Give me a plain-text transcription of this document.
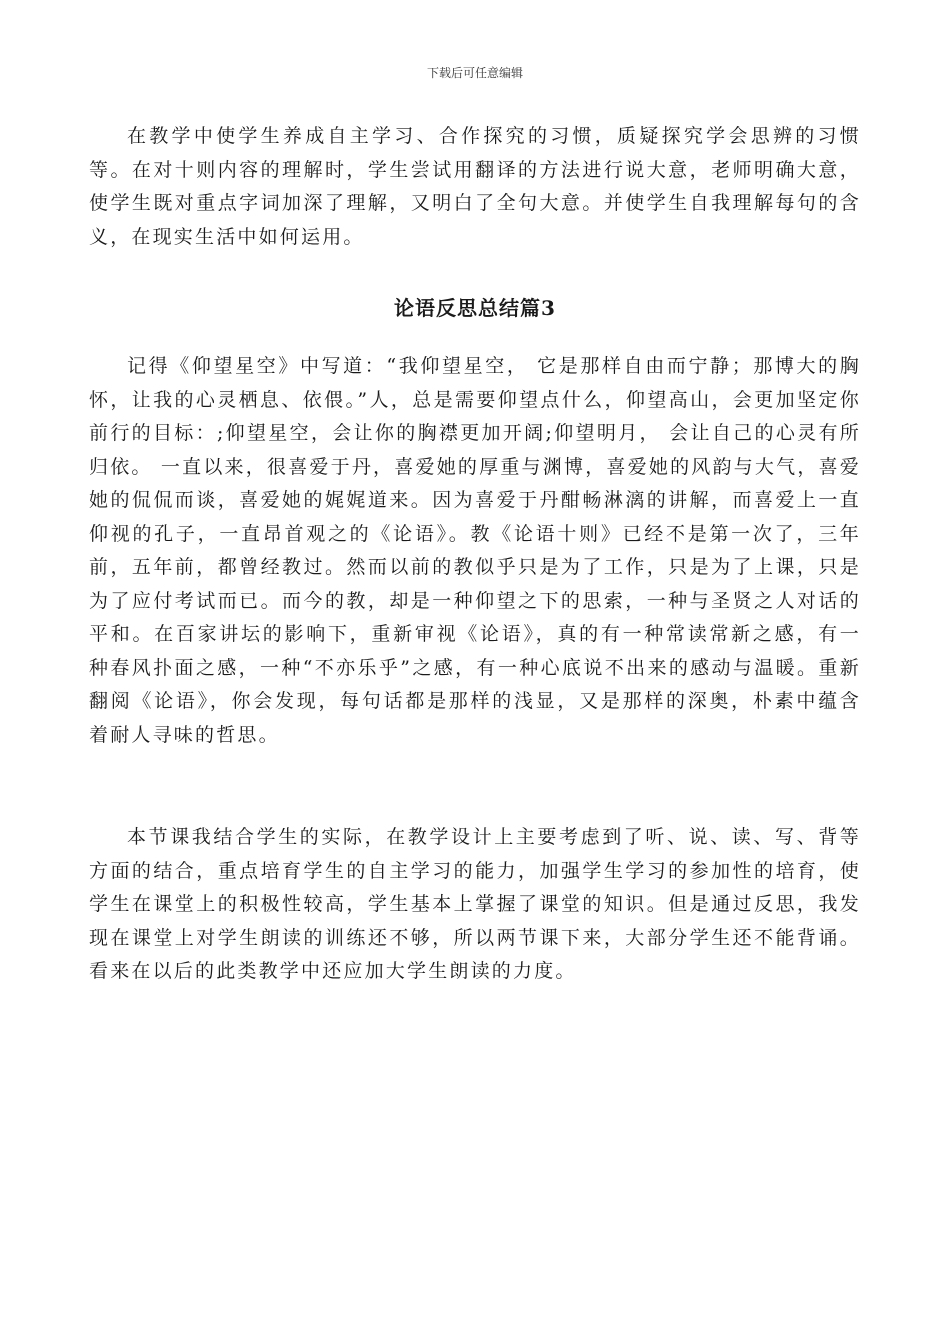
下载后可任意编辑

在教学中使学生养成自主学习、合作探究的习惯，质疑探究学会思辨的习惯等。在对十则内容的理解时，学生尝试用翻译的方法进行说大意，老师明确大意，使学生既对重点字词加深了理解，又明白了全句大意。并使学生自我理解每句的含义，在现实生活中如何运用。

论语反思总结篇3

记得《仰望星空》中写道：“我仰望星空， 它是那样自由而宁静；那博大的胸怀，让我的心灵栖息、依偎。”人，总是需要仰望点什么，仰望高山，会更加坚定你前行的目标：;仰望星空，会让你的胸襟更加开阔;仰望明月， 会让自己的心灵有所归依。 一直以来，很喜爱于丹，喜爱她的厚重与渊博，喜爱她的风韵与大气，喜爱她的侃侃而谈，喜爱她的娓娓道来。因为喜爱于丹酣畅淋漓的讲解，而喜爱上一直仰视的孔子，一直昂首观之的《论语》。教《论语十则》已经不是第一次了，三年前，五年前，都曾经教过。然而以前的教似乎只是为了工作，只是为了上课，只是为了应付考试而已。而今的教，却是一种仰望之下的思索，一种与圣贤之人对话的平和。在百家讲坛的影响下，重新审视《论语》，真的有一种常读常新之感，有一种春风扑面之感，一种“不亦乐乎”之感，有一种心底说不出来的感动与温暖。重新翻阅《论语》，你会发现，每句话都是那样的浅显，又是那样的深奥，朴素中蕴含着耐人寻味的哲思。

本节课我结合学生的实际，在教学设计上主要考虑到了听、说、读、写、背等方面的结合，重点培育学生的自主学习的能力，加强学生学习的参加性的培育，使学生在课堂上的积极性较高，学生基本上掌握了课堂的知识。但是通过反思，我发现在课堂上对学生朗读的训练还不够，所以两节课下来，大部分学生还不能背诵。看来在以后的此类教学中还应加大学生朗读的力度。
